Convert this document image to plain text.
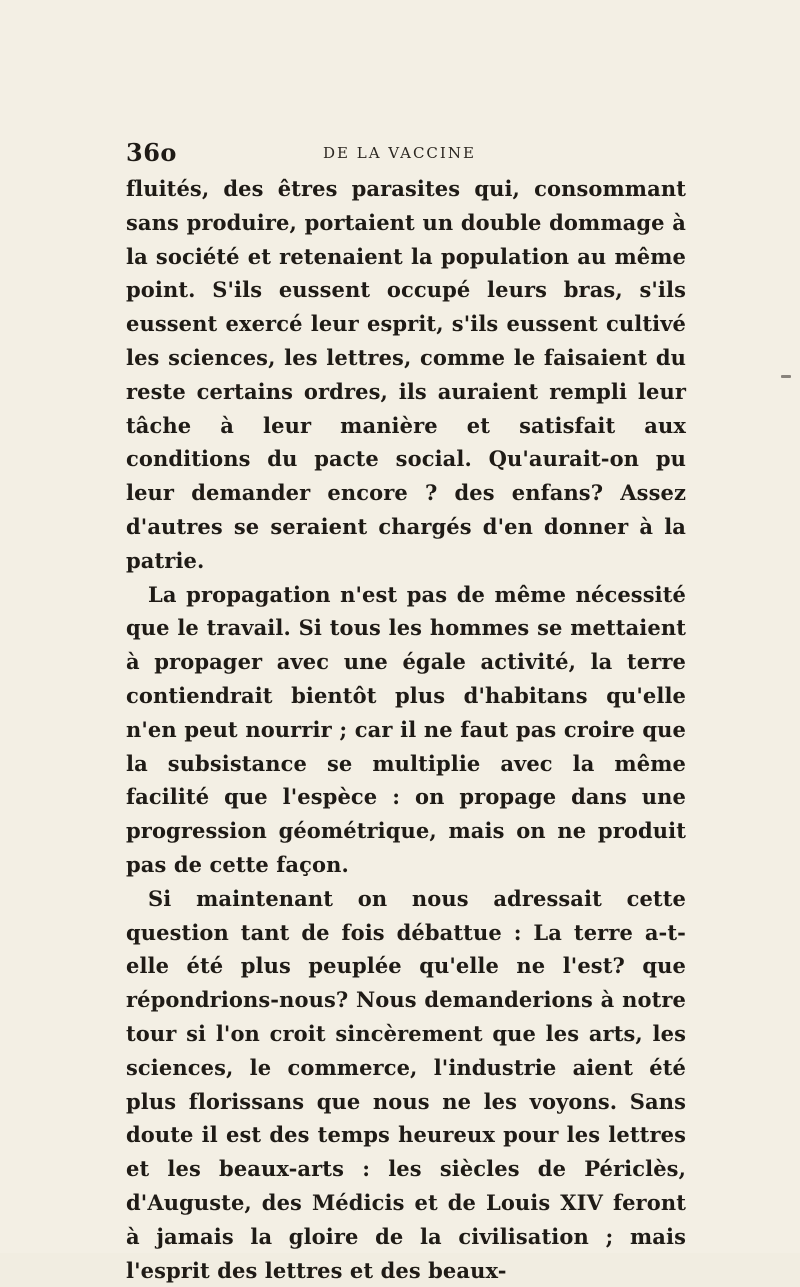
36o	DE LA VACCINE

fluités, des êtres parasites qui, consommant sans produire, portaient un double dommage à la société et retenaient la population au même point. S'ils eussent occupé leurs bras, s'ils eussent exercé leur esprit, s'ils eussent cultivé les sciences, les lettres, comme le faisaient du reste certains ordres, ils auraient rempli leur tâche à leur manière et satisfait aux conditions du pacte social. Qu'aurait-on pu leur demander encore ? des enfans? Assez d'autres se seraient chargés d'en donner à la patrie.

La propagation n'est pas de même nécessité que le travail. Si tous les hommes se mettaient à propager avec une égale activité, la terre contiendrait bientôt plus d'habitans qu'elle n'en peut nourrir ; car il ne faut pas croire que la subsistance se multiplie avec la même facilité que l'espèce : on propage dans une progression géométrique, mais on ne produit pas de cette façon.

Si maintenant on nous adressait cette question tant de fois débattue : La terre a-t-elle été plus peuplée qu'elle ne l'est? que répondrions-nous? Nous demanderions à notre tour si l'on croit sincèrement que les arts, les sciences, le commerce, l'industrie aient été plus florissans que nous ne les voyons. Sans doute il est des temps heureux pour les lettres et les beaux-arts : les siècles de Périclès, d'Auguste, des Médicis et de Louis XIV feront à jamais la gloire de la civilisation ; mais l'esprit des lettres et des beaux-
